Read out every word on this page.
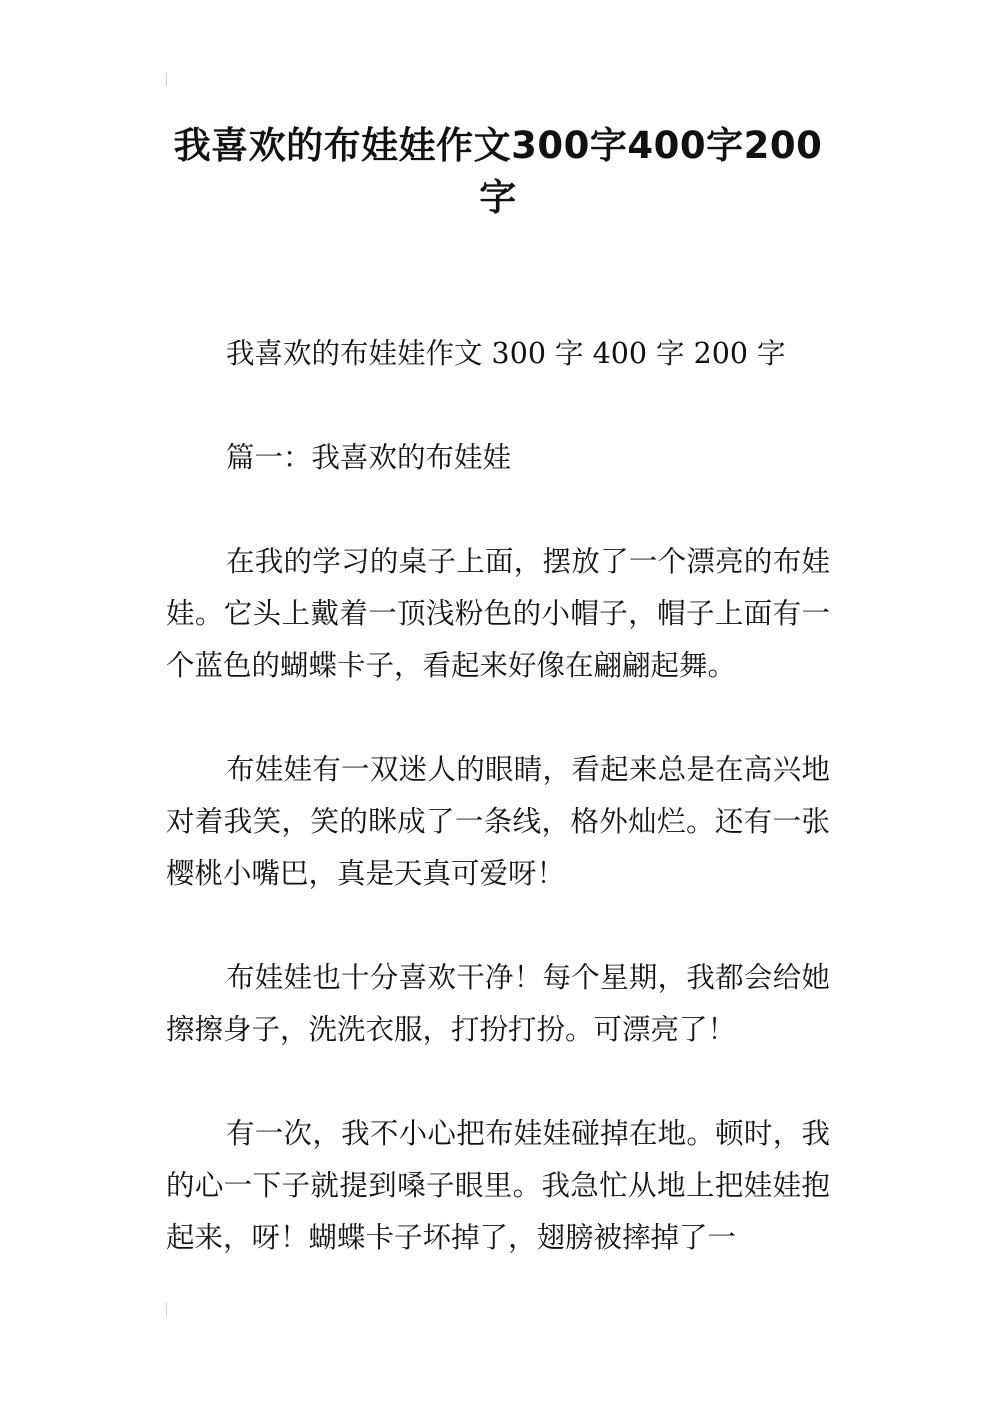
我喜欢的布娃娃作文300字400字200字

我喜欢的布娃娃作文 300 字 400 字 200 字

篇一：我喜欢的布娃娃

在我的学习的桌子上面，摆放了一个漂亮的布娃娃。它头上戴着一顶浅粉色的小帽子，帽子上面有一个蓝色的蝴蝶卡子，看起来好像在翩翩起舞。

布娃娃有一双迷人的眼睛，看起来总是在高兴地对着我笑，笑的眯成了一条线，格外灿烂。还有一张樱桃小嘴巴，真是天真可爱呀！

布娃娃也十分喜欢干净！每个星期，我都会给她擦擦身子，洗洗衣服，打扮打扮。可漂亮了！

有一次，我不小心把布娃娃碰掉在地。顿时，我的心一下子就提到嗓子眼里。我急忙从地上把娃娃抱起来，呀！蝴蝶卡子坏掉了，翅膀被摔掉了一
